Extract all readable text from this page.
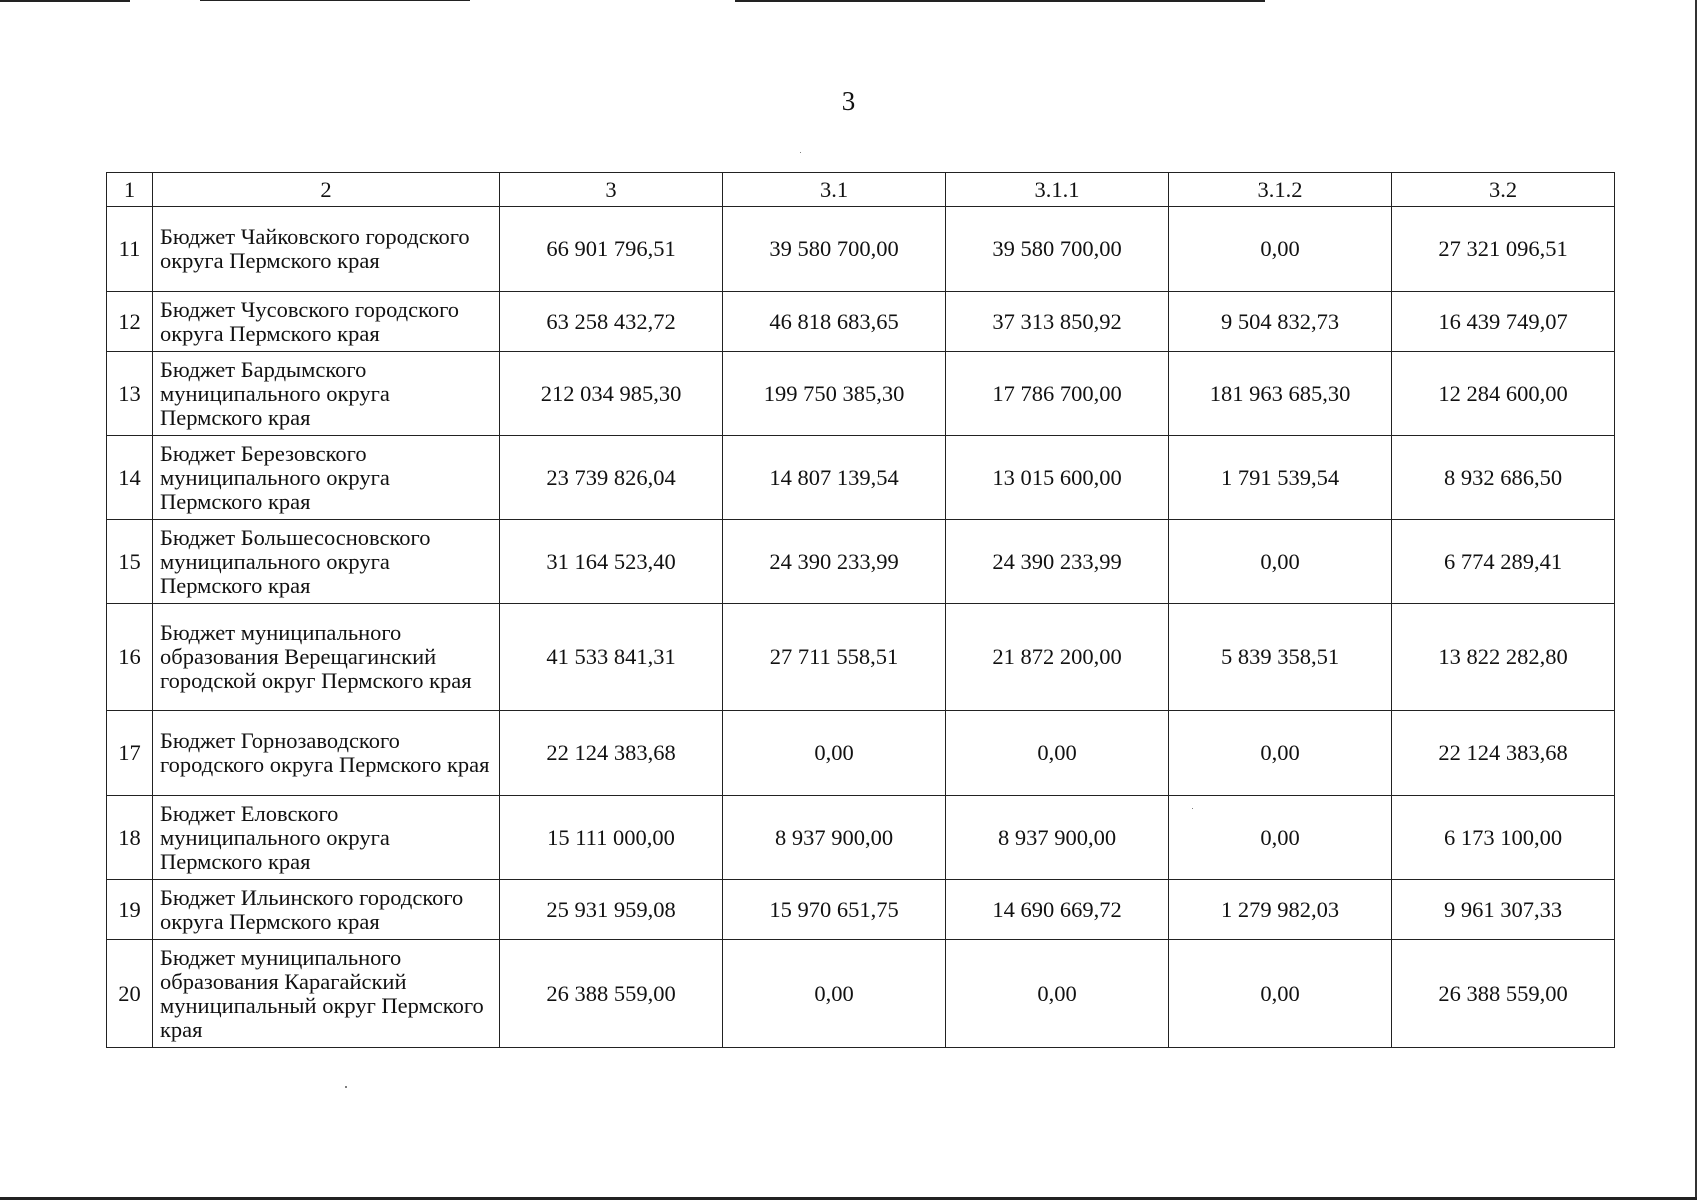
3
1	2	3	3.1	3.1.1	3.1.2	3.2
11	Бюджет Чайковского городского округа Пермского края	66 901 796,51	39 580 700,00	39 580 700,00	0,00	27 321 096,51
12	Бюджет Чусовского городского округа Пермского края	63 258 432,72	46 818 683,65	37 313 850,92	9 504 832,73	16 439 749,07
13	Бюджет Бардымского муниципального округа Пермского края	212 034 985,30	199 750 385,30	17 786 700,00	181 963 685,30	12 284 600,00
14	Бюджет Березовского муниципального округа Пермского края	23 739 826,04	14 807 139,54	13 015 600,00	1 791 539,54	8 932 686,50
15	Бюджет Большесосновского муниципального округа Пермского края	31 164 523,40	24 390 233,99	24 390 233,99	0,00	6 774 289,41
16	Бюджет муниципального образования Верещагинский городской округ Пермского края	41 533 841,31	27 711 558,51	21 872 200,00	5 839 358,51	13 822 282,80
17	Бюджет Горнозаводского городского округа Пермского края	22 124 383,68	0,00	0,00	0,00	22 124 383,68
18	Бюджет Еловского муниципального округа Пермского края	15 111 000,00	8 937 900,00	8 937 900,00	0,00	6 173 100,00
19	Бюджет Ильинского городского округа Пермского края	25 931 959,08	15 970 651,75	14 690 669,72	1 279 982,03	9 961 307,33
20	Бюджет муниципального образования Карагайский муниципальный округ Пермского края	26 388 559,00	0,00	0,00	0,00	26 388 559,00
